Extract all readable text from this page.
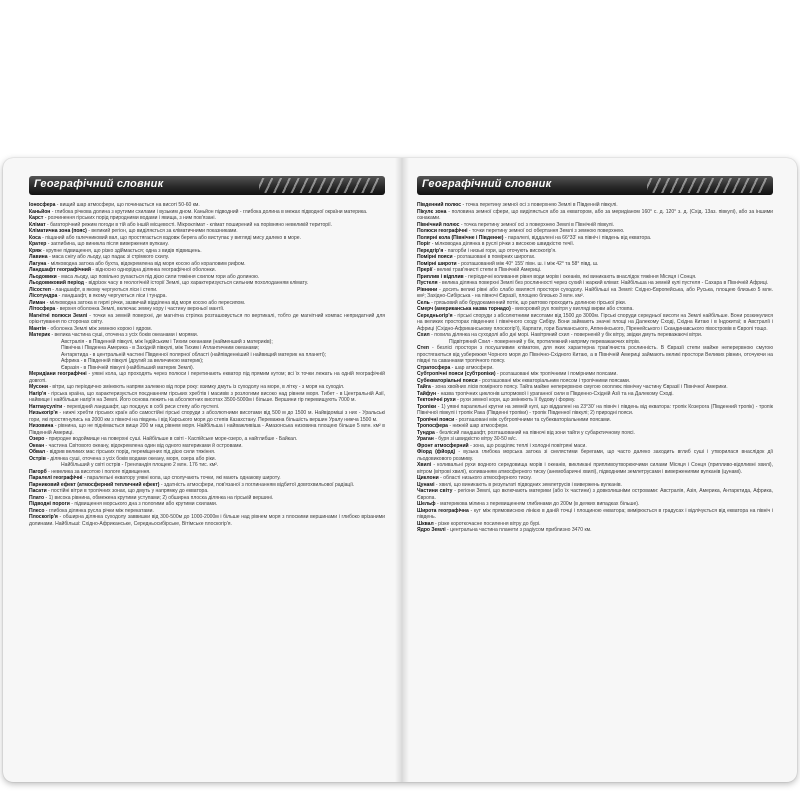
Географічний словник

Іоносфера - вищий шар атмосфери, що починається на висоті 50-60 км.

Каньйон - глибока річкова долина з крутими схилами і вузьким дном. Каньйон підводний - глибока долина в межах підводної окраїни материка.

Карст - розчинення гірських порід природними водами і явища, з ним пов'язані.

Клімат - багаторічний режим погоди в тій або іншій місцевості. Мікроклімат - клімат поширений на порівняно невеликій території.

Кліматична зона (пояс) - великий регіон, що виділяється за кліматичними показниками.

Коса - піщаний або галечниковий вал, що простягається вздовж берега або виступає у вигляді мису далеко в море.

Кратер - заглибина, що виникла після вивержения вулкану.

Кряж - крупне підвищення, що різко здіймається; одна з видів підвищень.

Лавина - маса снігу або льоду, що падає зі стрімкого схилу.

Лагуна - мілководна затока або бухта, відокремлена від моря косою або кораловим рифом.

Ландшафт географічний - відносно однорідна ділянка географічної оболонки.

Льодовики - маса льоду, що повільно рухається під дією сили тяжіння схилом гори або долиною.

Льодовиковий період - відрізок часу в геологічній історії Землі, що характеризується сильним похолоданням клімату.

Лісостеп - ландшафт, в якому чергуються ліси і степи.

Лісотундра - ландшафт, в якому чергуються ліси і тундра.

Лиман - мілководна затока в гирлі річки, зазвичай відділена від моря косою або пересипом.

Літосфера - верхня оболонка Землі, включає земну кору і частину верхньої мантії.

Магнітні полюси Землі - точки на земній поверхні, де магнітна стрілка розташовується по вертикалі, тобто де магнітний компас непридатний для орієнтування по сторонах світу.

Мантія - оболонка Землі між земною корою і ядром.

Материк - велика частина суші, оточена з усіх боків океанами і морями.

Австралія - в Південній півкулі, між Індійським і Тихим океанами (найменший з материків);

Північна і Південна Америка - в Західній півкулі, між Тихим і Атлантичним океанами;

Антарктида - в центральній частині Південної полярної області (найпівденніший і найвищий материк на планеті);

Африка - в Південній півкулі (другий за величиною материк);

Євразія - в Північній півкулі (найбільший материк Землі).

Меридіани географічні - уявні кола, що проходять через полюси і перетинають екватор під прямим кутом; всі їх точки лежать на одній географічній довготі.

Мусони - вітри, що періодично змінюють напрям залежно від пори року: взимку дмуть із суходолу на море, в літку - з моря на суходіл.

Нагір'я - гірська країна, що характеризується поєднанням гірських хребтів і масивів з розлогими високо над рівнем моря. Тибет - в Центральній Азії, найвище і найбільше нагір'я на Землі. Його основа лежить на абсолютних висотах 3500-5000м і більше. Вершини гір перевищують 7000 м.

Натпаусуліти - перехідний ландшафт, що поєднує в собі риси степу або пустелі.

Низькогір'я - нижчі хребти гірських країн або самостійні гірські споруди з абсолютними висотами від 500 м до 1500 м. Найвідоміші з них - Уральські гори, які простягнулись на 2000 км з півночі на південь і від Карського моря до степів Казахстану. Переважна більшість вершин Уралу нижча 1500 м.

Низовина - рівнина, що не піднімається вище 200 м над рівнем моря. Найбільша і найважливіша - Амазонська низовина площею більше 5 млн. км² в Південній Америці.

Озеро - природне водоймище на поверхні суші. Найбільше в світі - Каспійське море-озеро, а найглибше - Байкал.

Океан - частина Світового океану, відокремлена один від одного материками й островами.

Обвал - відрив великих мас гірських порід, переміщених під дією сили тяжіння.

Острів - ділянка суші, оточена з усіх боків водами океану, моря, озера або ріки.

Найбільший у світі острів - Гренландія площею 2 млн. 176 тис. км².

Пагорб - невелика за висотою і пологе підвищення.

Паралелі географічні - паралельні екватору уявні кола, що сполучають точки, які мають однакову широту.

Парниковий ефект (атмосферний тепличний ефект) - здатність атмосфери, пов'язаної з поглинанням відбитої довгохвильової радіації.

Пасати - постійні вітри в тропічних зонах, що дмуть у напрямку до екватора.

Плато - 1) висока рівнина, обмежена крутими уступами; 2) обширна плоска ділянка на гірській вершині.

Підводні пороги - підвищення морського дна з пологими або крутими схилами.

Плесо - глибока ділянка русла річки між перекатами.

Плоскогір'я - обширна ділянка суходолу заввишки від 300-500м до 1000-2000м і більше над рівнем моря з плоскими вершинами і глибоко врізаними долинами. Найбільші: Східно-Африканське, Середньосибірське, Вітімське плоскогір'я.

Географічний словник

Південний полюс - точка перетину земної осі з поверхнею Землі в Південній півкулі.

Пікулє зона - половина земної сфери, що виділяється або за екватором, або за меридіаном 160° с. д. 120° з. д. (Схід. 13аз. півкулі), або за іншими ознаками.

Північний полюс - точка перетину земної осі з поверхнею Землі в Північній півкулі.

Полюси географічні - точки перетину земної осі обертання Землі з земною поверхнею.

Полярні кола (Північне і Південне) - паралелі, віддалені на 66°33' на північ і південь від екватора.

Поріг - мілководна ділянка в руслі річки з високою швидкістю течії.

Передгір'я - пагорби і низькі гори, що оточують високогір'я.

Помірні пояси - розташовані в помірних широтах.

Помірні широти - розташований між 40° 155' півн. ш. і між 42° та 58° півд. ш.

Прерії - великі трав'янисті степи в Північній Америці.

Приплив і відплив - періодичні коливання рівня води морів і океанів, які виникають внаслідок тяжіння Місяця і Сонця.

Пустеля - велика ділянка поверхні Землі без рослинності через сухий і жаркий клімат. Найбільша на земній кулі пустеля - Сахара в Північній Африці.

Рівнини - досить великі рівні або слабо хвилясті простори суходолу. Найбільші на Землі: Східно-Європейська, або Руська, площею близько 5 млн. км²; Західно-Сибірська - на півночі Євразії, площею близько 3 млн. км².

Сель - грязьовий або брудокаменний потік, що раптово проходить долиною гірської ріки.

Смерч (американська назва торнадо) - вихоровий рух повітря у вигляді вирви або стовпа.

Середньогір'я - гірські споруди з абсолютними висотами від 1500 до 3000м. Гірські споруди середньої висоти на Землі найбільше. Вони розкинулися на великих просторах південних і північного сходу Сибіру. Вони займають значні площі на Далекому Сході, Східна Китаю і в Індокитаї; в Австралії і Африці (Східно-Африканському плоскогір'ї), Карпати, гори Балканського, Аппенінського, Піренейського і Скандинавського півостровів в Європі тощо.

Схил - похила ділянка на суходолі або дні морі. Навітряний схил - поверненій у бік вітру, звідки дмуть переважаючі вітри.

Підвітряний Схил - повернений у бік, протилежний напряму переважаючих вітрів.

Степ - безлісі простори з посушливим кліматом, для яких характерна трав'яниста рослинність. В Євразії степи майже неперервною смугою простягаються від узбережжя Чорного моря до Північно-Східного Китаю, а в Північній Америці займають великі простори Великих рівнин, оточуючи на півдні та саваннами тропічного поясу.

Стратосфера - шар атмосфери.

Субтропічні пояси (субтропіки) - розташовані між тропічними і помірними поясами.

Субекваторіальні пояси - розташовані між екваторіальним поясом і тропічними поясами.

Тайга - зона хвойних лісів помірного поясу. Тайга майже неперервною смугою охоплює північну частину Євразії і Північної Америки.

Тайфун - назва тропічних циклонів штормової і ураганної сили в Південно-Східній Азії та на Далекому Сході.

Тектонічні рухи - рухи земної кори, що змінюють її будову і форму.

Тропіки - 1) уявні паралельні кругни на земній кулі, що віддалені на 23°30' на північ і південь від екватора: тропік Козерога (Південний тропік) - тропік Північної півкулі і тропік Рака (Південні тропіки) - тропік Південної півкулі; 2) природні пояси.

Тропічні пояси - розташовані між субтропічними та субекваторіальними поясами.

Тропосфера - нижній шар атмосфери.

Тундра - безлісий ландшафт, розташований на півночі від зони тайги у субарктичному поясі.

Ураган - буря зі швидкістю вітру 30-50 м/с.

Фронт атмосферний - зона, що розділяє теплі і холодні повітряні маси.

Фіорд (фйорд) - вузька глибока морська затока зі скелястими берегами, що часто далеко заходить вглиб суші і утворилася внаслідок дії льодовикового розмиву.

Хвилі - коливальні рухи водного середовища морів і океанів, викликані припливоутворюючими силами Місяця і Сонця (припливо-відпливні хвилі), вітром (вітрові хвилі), коливанням атмосферного тиску (анемобаричні хвилі), підводними землетрусами і вивержениями вулканів (цунамі).

Циклони - області низького атмосферного тиску.

Цунамі - хвилі, що виникають в результаті підводних землетрусів і вивержень вулканів.

Частини світу - регіони Землі, що включають материки (або їх частини) з довколишніми островами: Австралія, Азія, Америка, Антарктида, Африка, Європа.

Шельф - материкова мілина з перевищенням глибинами до 200м (в деяких випадках більше).

Широта географічна - кут між прямовисною лінією в даній точці і площиною екватора; вимірюється в градусах і відлічується від екватора на північ і південь.

Шквал - різке короткочасне посилення вітру до бурі.

Ядро Землі - центральна частина планети з радіусом приблизно 3470 км.
